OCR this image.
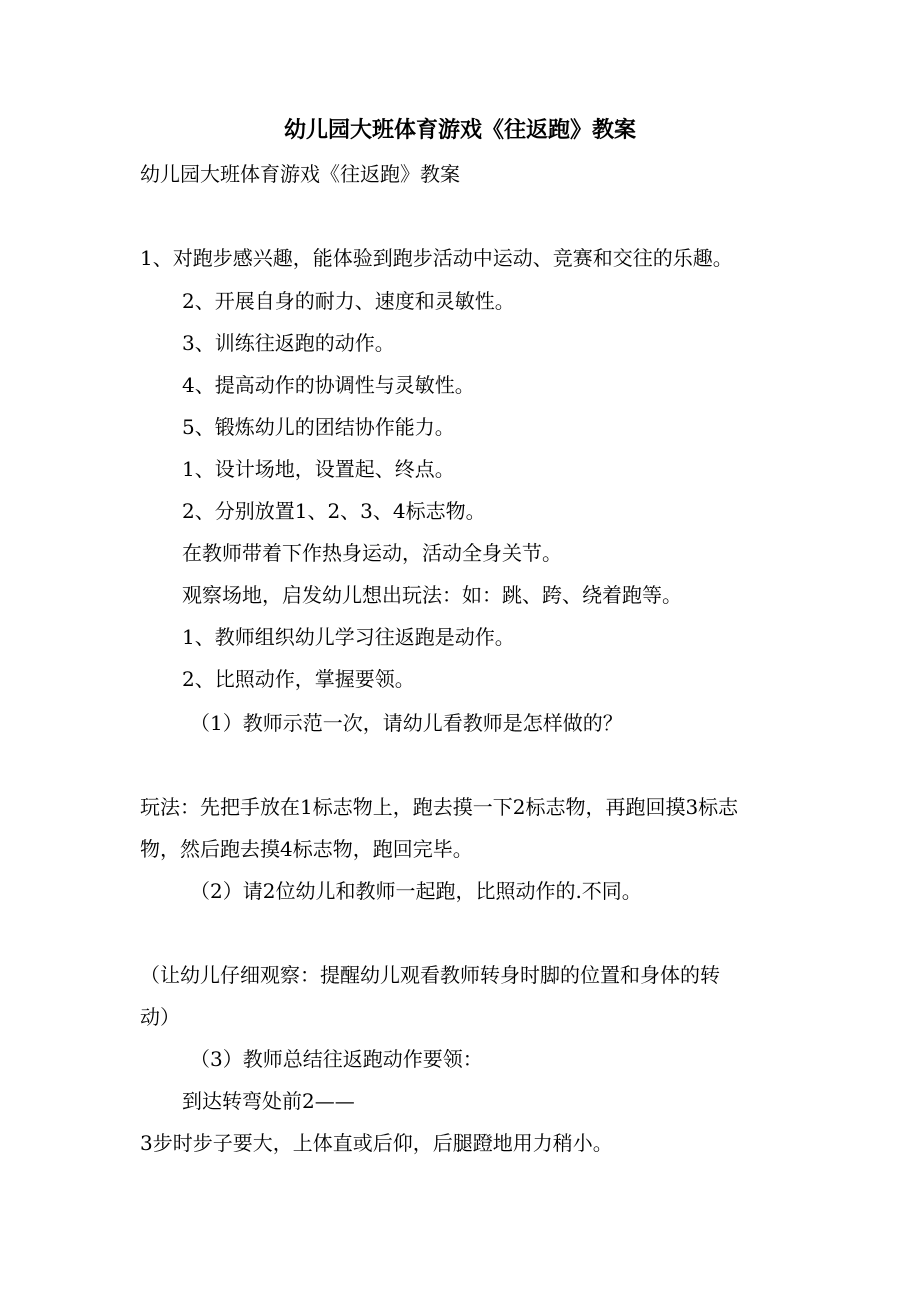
幼儿园大班体育游戏《往返跑》教案
幼儿园大班体育游戏《往返跑》教案
1、对跑步感兴趣，能体验到跑步活动中运动、竞赛和交往的乐趣。
2、开展自身的耐力、速度和灵敏性。
3、训练往返跑的动作。
4、提高动作的协调性与灵敏性。
5、锻炼幼儿的团结协作能力。
1、设计场地，设置起、终点。
2、分别放置1、2、3、4标志物。
在教师带着下作热身运动，活动全身关节。
观察场地，启发幼儿想出玩法：如：跳、跨、绕着跑等。
1、教师组织幼儿学习往返跑是动作。
2、比照动作，掌握要领。
（1）教师示范一次，请幼儿看教师是怎样做的？
玩法：先把手放在1标志物上，跑去摸一下2标志物，再跑回摸3标志
物，然后跑去摸4标志物，跑回完毕。
（2）请2位幼儿和教师一起跑，比照动作的.不同。
（让幼儿仔细观察：提醒幼儿观看教师转身时脚的位置和身体的转
动）
（3）教师总结往返跑动作要领：
到达转弯处前2——
3步时步子要大，上体直或后仰，后腿蹬地用力稍小。
